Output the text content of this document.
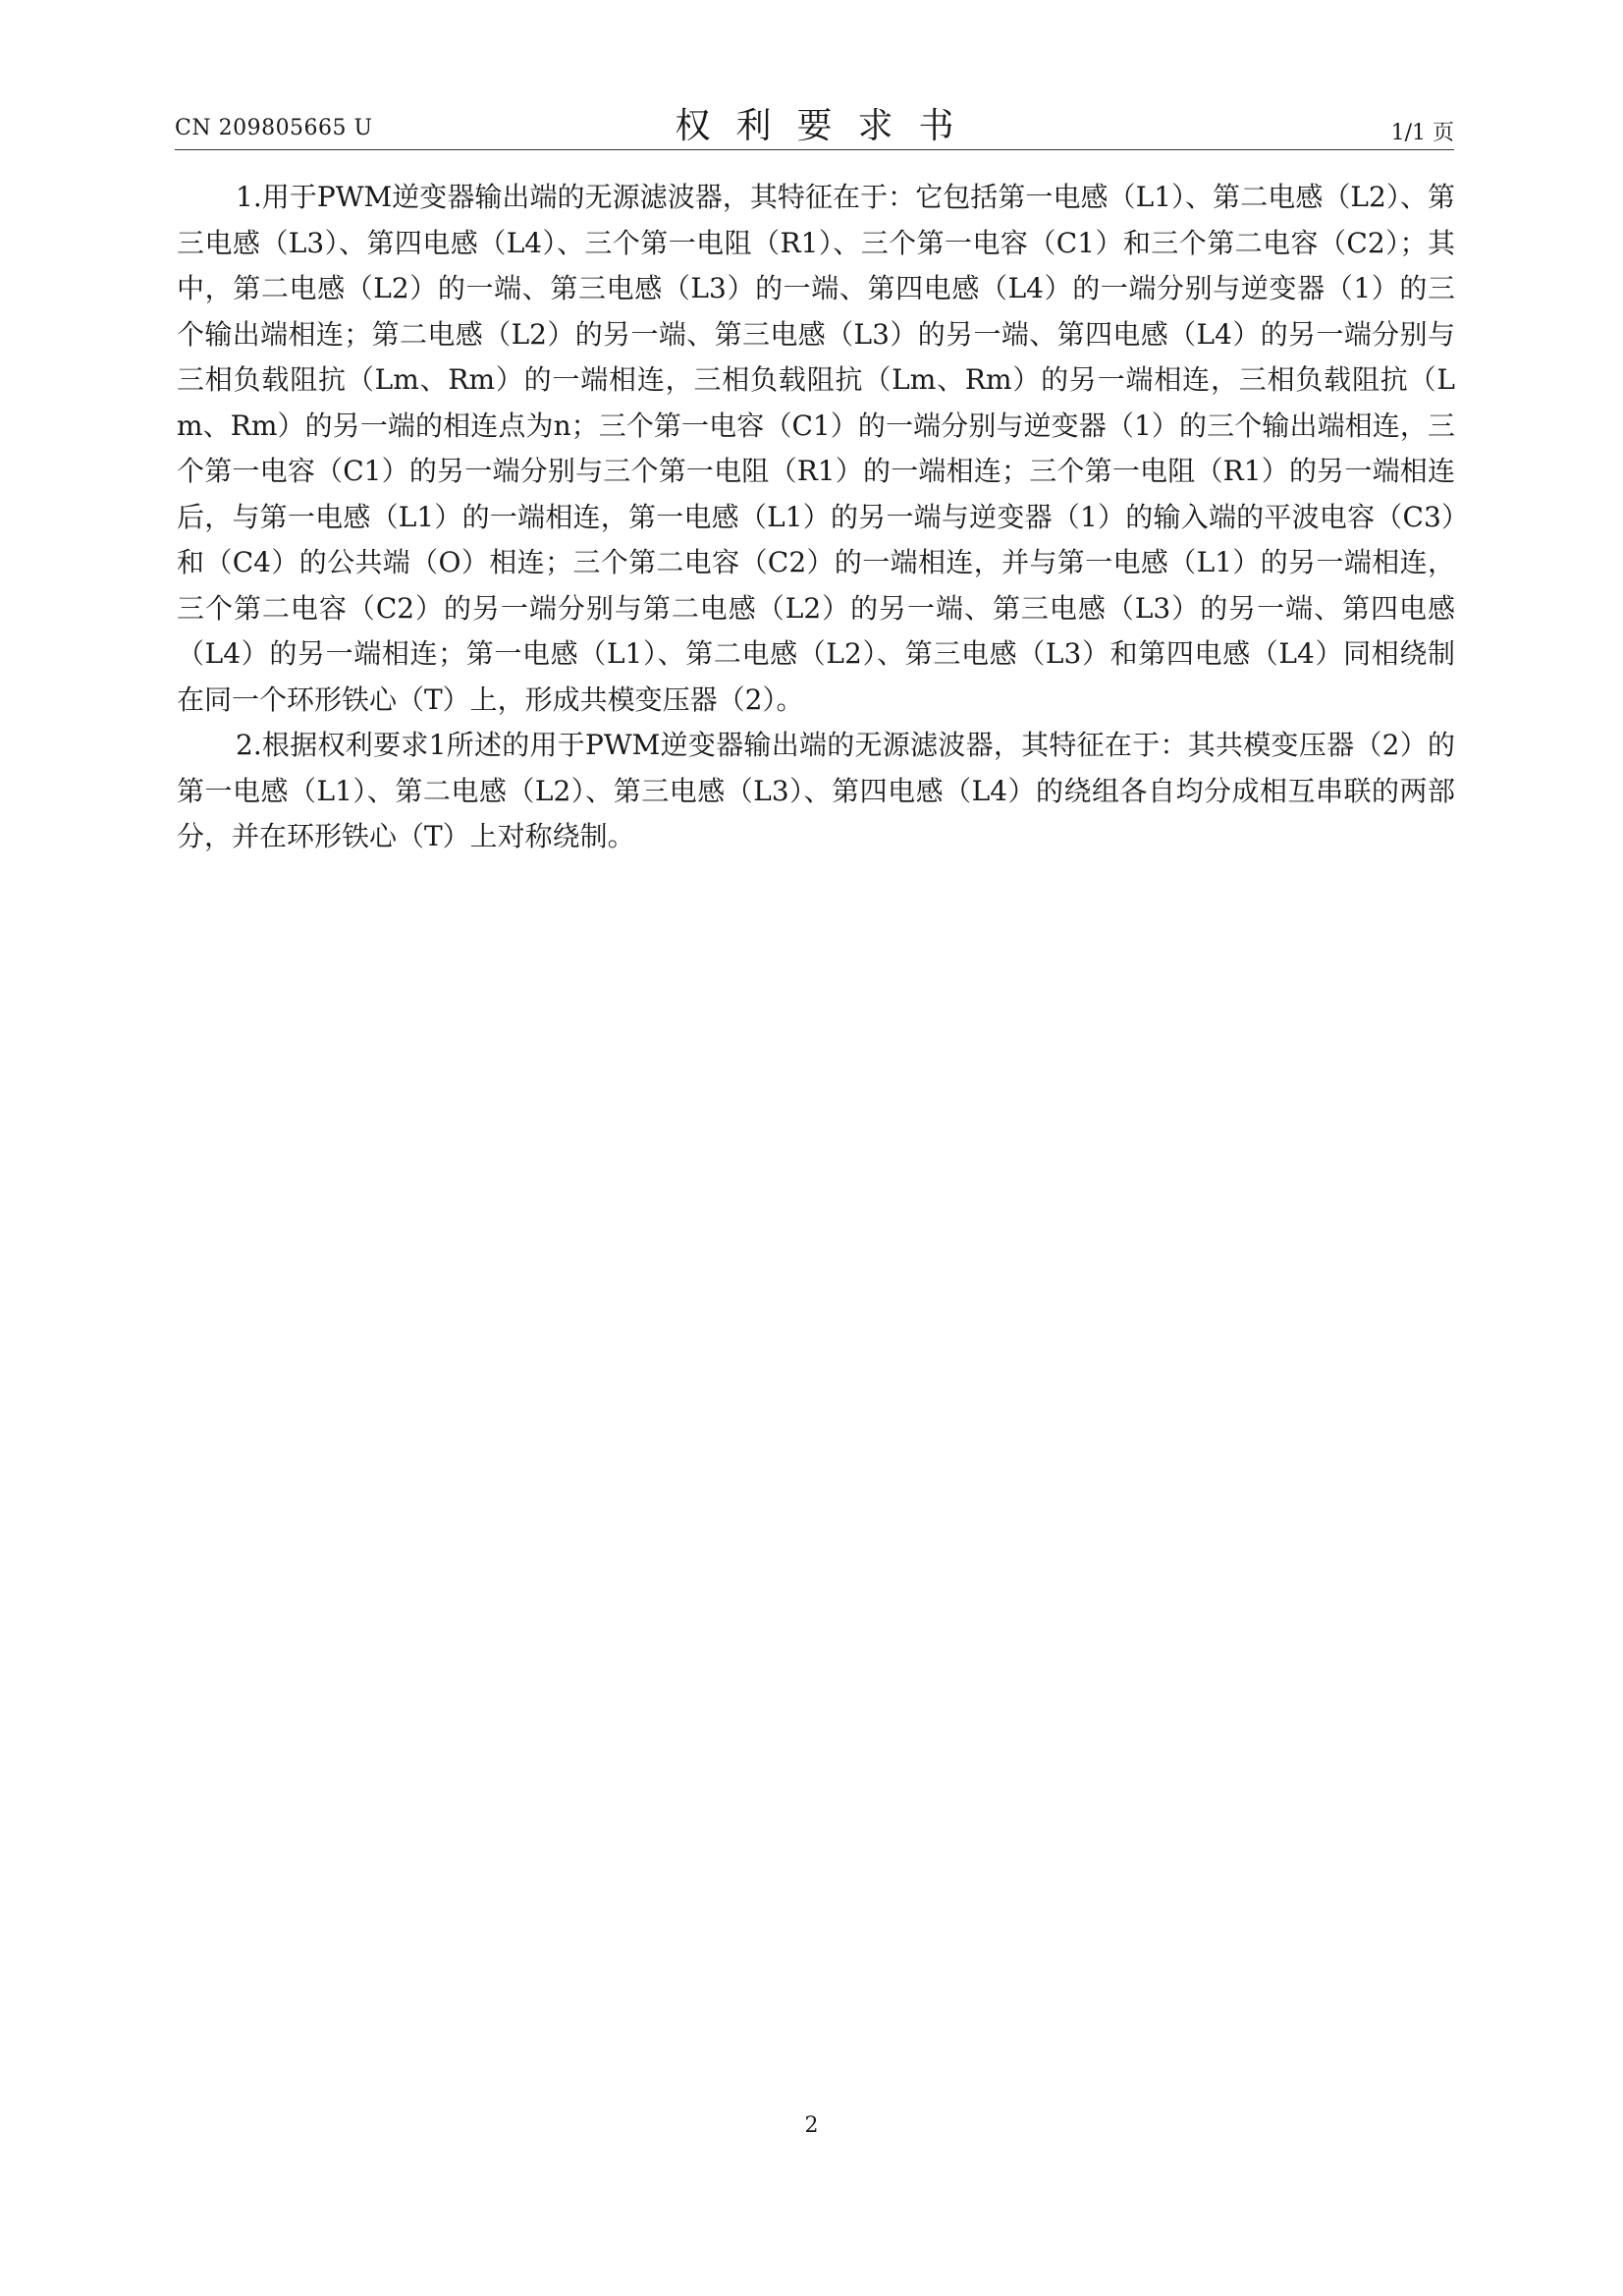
CN 209805665 U	权利要求书	1/1 页

1.用于PWM逆变器输出端的无源滤波器，其特征在于：它包括第一电感（L1）、第二电感（L2）、第三电感（L3）、第四电感（L4）、三个第一电阻（R1）、三个第一电容（C1）和三个第二电容（C2）；其中，第二电感（L2）的一端、第三电感（L3）的一端、第四电感（L4）的一端分别与逆变器（1）的三个输出端相连；第二电感（L2）的另一端、第三电感（L3）的另一端、第四电感（L4）的另一端分别与三相负载阻抗（Lm、Rm）的一端相连，三相负载阻抗（Lm、Rm）的另一端相连，三相负载阻抗（Lm、Rm）的另一端的相连点为n；三个第一电容（C1）的一端分别与逆变器（1）的三个输出端相连，三个第一电容（C1）的另一端分别与三个第一电阻（R1）的一端相连；三个第一电阻（R1）的另一端相连后，与第一电感（L1）的一端相连，第一电感（L1）的另一端与逆变器（1）的输入端的平波电容（C3）和（C4）的公共端（O）相连；三个第二电容（C2）的一端相连，并与第一电感（L1）的另一端相连，三个第二电容（C2）的另一端分别与第二电感（L2）的另一端、第三电感（L3）的另一端、第四电感（L4）的另一端相连；第一电感（L1）、第二电感（L2）、第三电感（L3）和第四电感（L4）同相绕制在同一个环形铁心（T）上，形成共模变压器（2）。

2.根据权利要求1所述的用于PWM逆变器输出端的无源滤波器，其特征在于：其共模变压器（2）的第一电感（L1）、第二电感（L2）、第三电感（L3）、第四电感（L4）的绕组各自均分成相互串联的两部分，并在环形铁心（T）上对称绕制。

2
